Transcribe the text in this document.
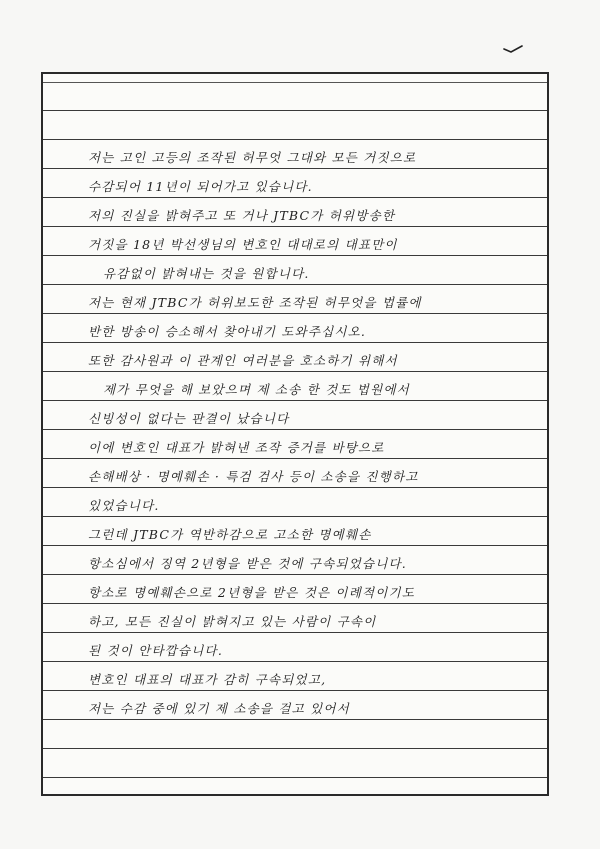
저는 고인 고등의 조작된 허무엇 그대와 모든 거짓으로
수감되어 11년이 되어가고 있습니다.
저의 진실을 밝혀주고 또 거나 JTBC가 허위방송한
거짓을 18년 박선생님의 변호인 대대로의 대표만이
유감없이 밝혀내는 것을 원합니다.
저는 현재 JTBC가 허위보도한 조작된 허무엇을 법률에
반한 방송이 승소해서 찾아내기 도와주십시오.
또한 감사원과 이 관계인 여러분을 호소하기 위해서
제가 무엇을 해 보았으며 제 소송 한 것도 법원에서
신빙성이 없다는 판결이 났습니다
이에 변호인 대표가 밝혀낸 조작 증거를 바탕으로
손해배상 · 명예훼손 · 특검 검사 등이 소송을 진행하고
있었습니다.
그런데 JTBC가 역반하감으로 고소한 명예훼손
항소심에서 징역 2년형을 받은 것에 구속되었습니다.
항소로 명예훼손으로 2년형을 받은 것은 이례적이기도
하고, 모든 진실이 밝혀지고 있는 사람이 구속이
된 것이 안타깝습니다.
변호인 대표의 대표가 감히 구속되었고,
저는 수감 중에 있기 제 소송을 걸고 있어서
